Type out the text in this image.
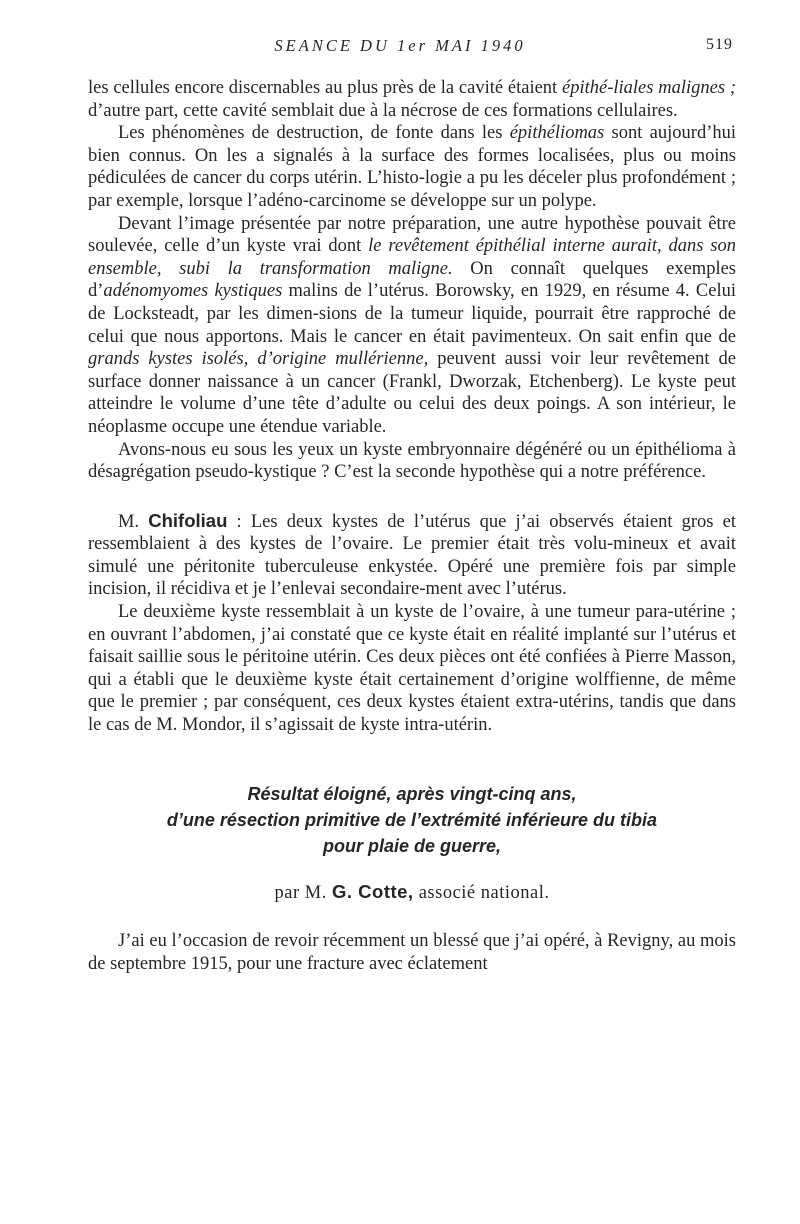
SEANCE DU 1er MAI 1940	519

les cellules encore discernables au plus près de la cavité étaient épithé-liales malignes ; d’autre part, cette cavité semblait due à la nécrose de ces formations cellulaires.

Les phénomènes de destruction, de fonte dans les épithéliomas sont aujourd’hui bien connus. On les a signalés à la surface des formes localisées, plus ou moins pédiculées de cancer du corps utérin. L’histo-logie a pu les déceler plus profondément ; par exemple, lorsque l’adéno-carcinome se développe sur un polype.

Devant l’image présentée par notre préparation, une autre hypothèse pouvait être soulevée, celle d’un kyste vrai dont le revêtement épithélial interne aurait, dans son ensemble, subi la transformation maligne. On connaît quelques exemples d’adénomyomes kystiques malins de l’utérus. Borowsky, en 1929, en résume 4. Celui de Locksteadt, par les dimen-sions de la tumeur liquide, pourrait être rapproché de celui que nous apportons. Mais le cancer en était pavimenteux. On sait enfin que de grands kystes isolés, d’origine mullérienne, peuvent aussi voir leur revêtement de surface donner naissance à un cancer (Frankl, Dworzak, Etchenberg). Le kyste peut atteindre le volume d’une tête d’adulte ou celui des deux poings. A son intérieur, le néoplasme occupe une étendue variable.

Avons-nous eu sous les yeux un kyste embryonnaire dégénéré ou un épithélioma à désagrégation pseudo-kystique ? C’est la seconde hypothèse qui a notre préférence.

M. Chifoliau : Les deux kystes de l’utérus que j’ai observés étaient gros et ressemblaient à des kystes de l’ovaire. Le premier était très volu-mineux et avait simulé une péritonite tuberculeuse enkystée. Opéré une première fois par simple incision, il récidiva et je l’enlevai secondaire-ment avec l’utérus.

Le deuxième kyste ressemblait à un kyste de l’ovaire, à une tumeur para-utérine ; en ouvrant l’abdomen, j’ai constaté que ce kyste était en réalité implanté sur l’utérus et faisait saillie sous le péritoine utérin. Ces deux pièces ont été confiées à Pierre Masson, qui a établi que le deuxième kyste était certainement d’origine wolffienne, de même que le premier ; par conséquent, ces deux kystes étaient extra-utérins, tandis que dans le cas de M. Mondor, il s’agissait de kyste intra-utérin.

Résultat éloigné, après vingt-cinq ans,
d’une résection primitive de l’extrémité inférieure du tibia
pour plaie de guerre,
par M. G. Cotte, associé national.

J’ai eu l’occasion de revoir récemment un blessé que j’ai opéré, à Revigny, au mois de septembre 1915, pour une fracture avec éclatement
